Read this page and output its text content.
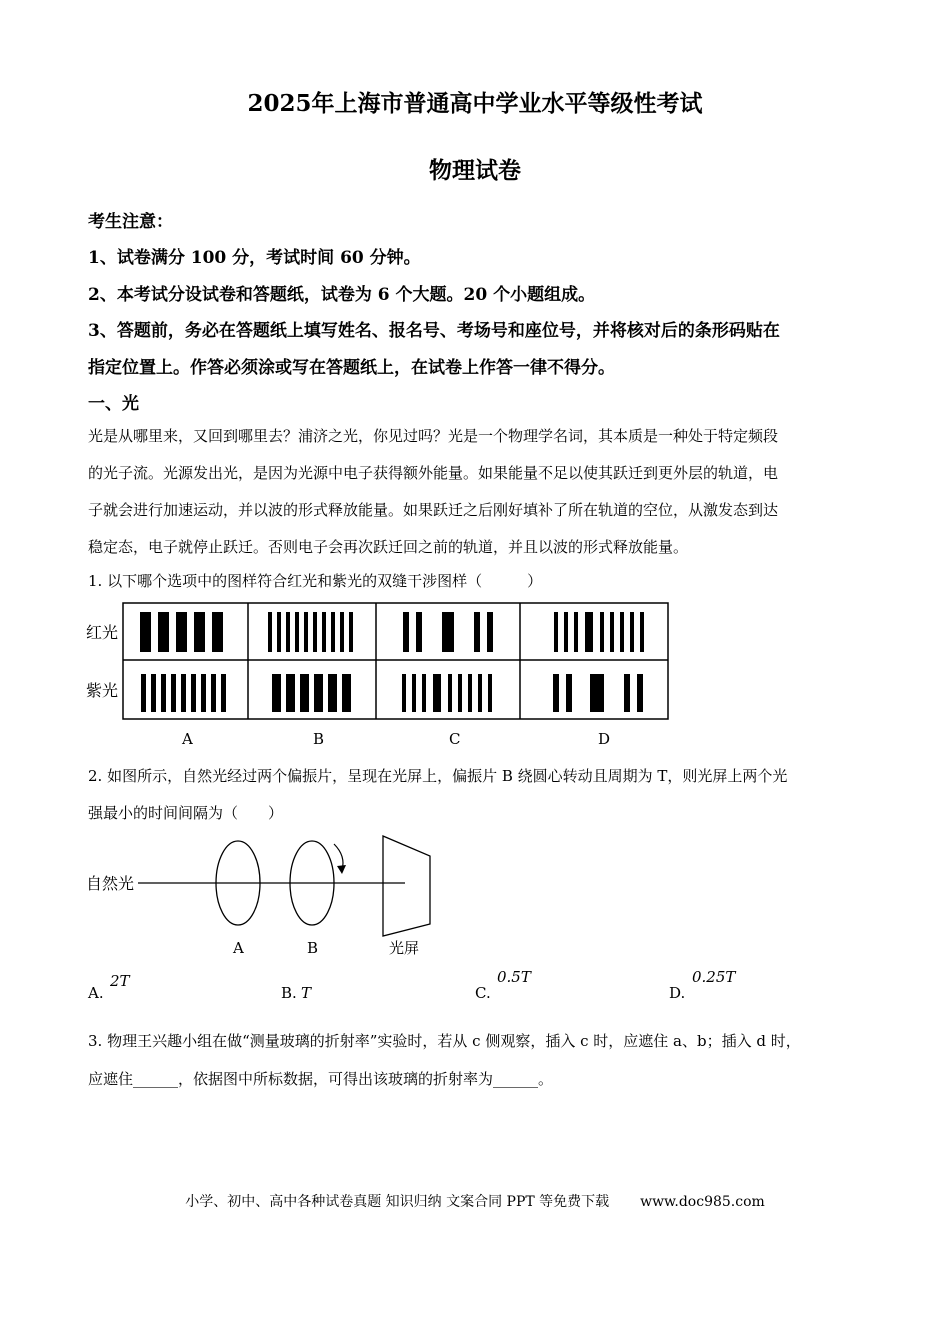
2025年上海市普通高中学业水平等级性考试
物理试卷
考生注意：
1、试卷满分 100 分，考试时间 60 分钟。
2、本考试分设试卷和答题纸，试卷为 6 个大题。20 个小题组成。
3、答题前，务必在答题纸上填写姓名、报名号、考场号和座位号，并将核对后的条形码贴在
指定位置上。作答必须涂或写在答题纸上，在试卷上作答一律不得分。
一、光
光是从哪里来，又回到哪里去？浦济之光，你见过吗？光是一个物理学名词，其本质是一种处于特定频段
的光子流。光源发出光，是因为光源中电子获得额外能量。如果能量不足以使其跃迁到更外层的轨道，电
子就会进行加速运动，并以波的形式释放能量。如果跃迁之后刚好填补了所在轨道的空位，从激发态到达
稳定态，电子就停止跃迁。否则电子会再次跃迁回之前的轨道，并且以波的形式释放能量。
1. 以下哪个选项中的图样符合红光和紫光的双缝干涉图样（　　　）
红光
紫光
A	B	C	D
2. 如图所示，自然光经过两个偏振片，呈现在光屏上，偏振片 B 绕圆心转动且周期为 T，则光屏上两个光
强最小的时间间隔为（　　）
自然光
A	B	光屏
A.
2T
B. T	C.
0.5T
D.
0.25T
3. 物理王兴趣小组在做“测量玻璃的折射率”实验时，若从 c 侧观察，插入 c 时，应遮住 a、b；插入 d 时，
应遮住______，依据图中所标数据，可得出该玻璃的折射率为______。
小学、初中、高中各种试卷真题 知识归纳 文案合同 PPT 等免费下载 www.doc985.com
